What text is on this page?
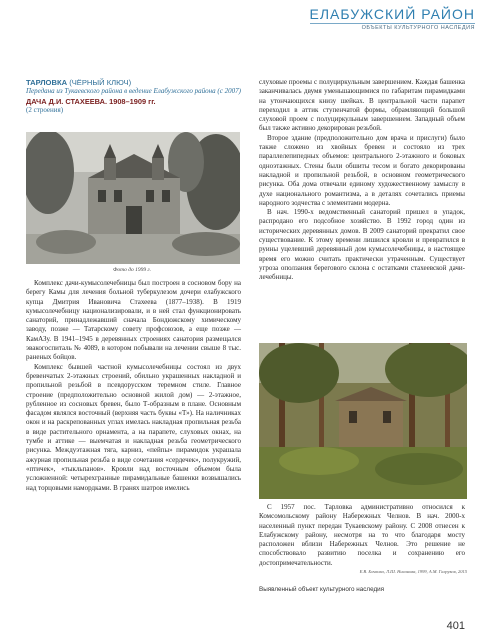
ЕЛАБУЖСКИЙ РАЙОН
ОБЪЕКТЫ КУЛЬТУРНОГО НАСЛЕДИЯ
ТАРЛОВКА (ЧЁРНЫЙ КЛЮЧ)
Передана из Тукаевского района в ведение Елабужского района (с 2007)
ДАЧА Д.И. СТАХЕЕВА. 1908–1909 гг.
(2 строения)
Фото до 1999 г.

Комплекс дачи-кумысолечебницы был построен в сосновом бору на берегу Камы для лечения больной туберкулезом дочери елабужского купца Дмитрия Ивановича Стахеева (1877–1938). В 1919 кумысолечебницу национализировали, и в ней стал функционировать санаторий, принадлежавший сначала Бондюжскому химическому заводу, позже — Татарскому совету профсоюзов, а еще позже — КамАЗу. В 1941–1945 в деревянных строениях санатория размещался эвакогоспиталь № 4089, в котором побывали на лечении свыше 8 тыс. раненых бойцов.

Комплекс бывшей частной кумысолечебницы состоял из двух бревенчатых 2-этажных строений, обильно украшенных накладной и пропильной резьбой в псевдорусском теремном стиле. Главное строение (предположительно основной жилой дом) — 2-этажное, рубленное из сосновых бревен, было Т-образным в плане. Основным фасадом являлся восточный (верхняя часть буквы «Т»). На наличниках окон и на раскрепованных углах имелась накладная пропильная резьба в виде растительного орнамента, а на парапете, слуховых окнах, на тумбе и аттике — выемчатая и накладная резьба геометрического рисунка. Междуэтажная тяга, карниз, «пейпы» пирамидок украшала ажурная пропильная резьба в виде сочетания «сердечек», полукружий, «птичек», «тыкльпанов». Кровли над восточным объемом была усложненной: четырехгранные пирамидальные башенки возвышались над торцовыми намордками. В гранях шатров имелись

слуховые проемы с полуциркульным завершением. Каждая башенка заканчивалась двумя уменьшающимися по габаритам пирамидками на утончающихся книзу шейках. В центральной части парапет переходил в аттик ступенчатой формы, обрамляющий большой слуховой проем с полуциркульным завершением. Западный объем был также активно декорирован резьбой.

Второе здание (предположительно дом врача и прислуги) было также сложено из хвойных бревен и состояло из трех параллелепипедных объемов: центрального 2-этажного и боковых одноэтажных. Стены были обшиты тесом и богато декорированы накладной и пропильной резьбой, в основном геометрического рисунка. Оба дома отвечали единому художественному замыслу в духе национального романтизма, а в деталях сочетались приемы народного зодчества с элементами модерна.

В нач. 1990-х ведомственный санаторий пришел в упадок, распродано его подсобное хозяйство. В 1992 город один из исторических деревянных домов. В 2009 санаторий прекратил свое существование. К этому времени лишился кровли и превратился в руины уцелевший деревянный дом кумысолечебницы, в настоящее время его можно считать практически утраченным. Существует угроза оползания берегового склона с остатками стахеевской дачи-лечебницы.

С 1957 пос. Тарловка административно относился к Комсомольскому району Набережных Челнов. В нач. 2000-х населенный пункт передан Тукаевскому району. С 2008 отнесен к Елабужскому району, несмотря на то что благодаря мосту расположен вблизи Набережных Челнов. Это решение не способствовало развитию поселка и сохранению его достопримечательности.

Е.В. Бочкова, Л.Ш. Нисанова, 1999, А.М. Галруков, 2015
Выявленный объект культурного наследия
401
